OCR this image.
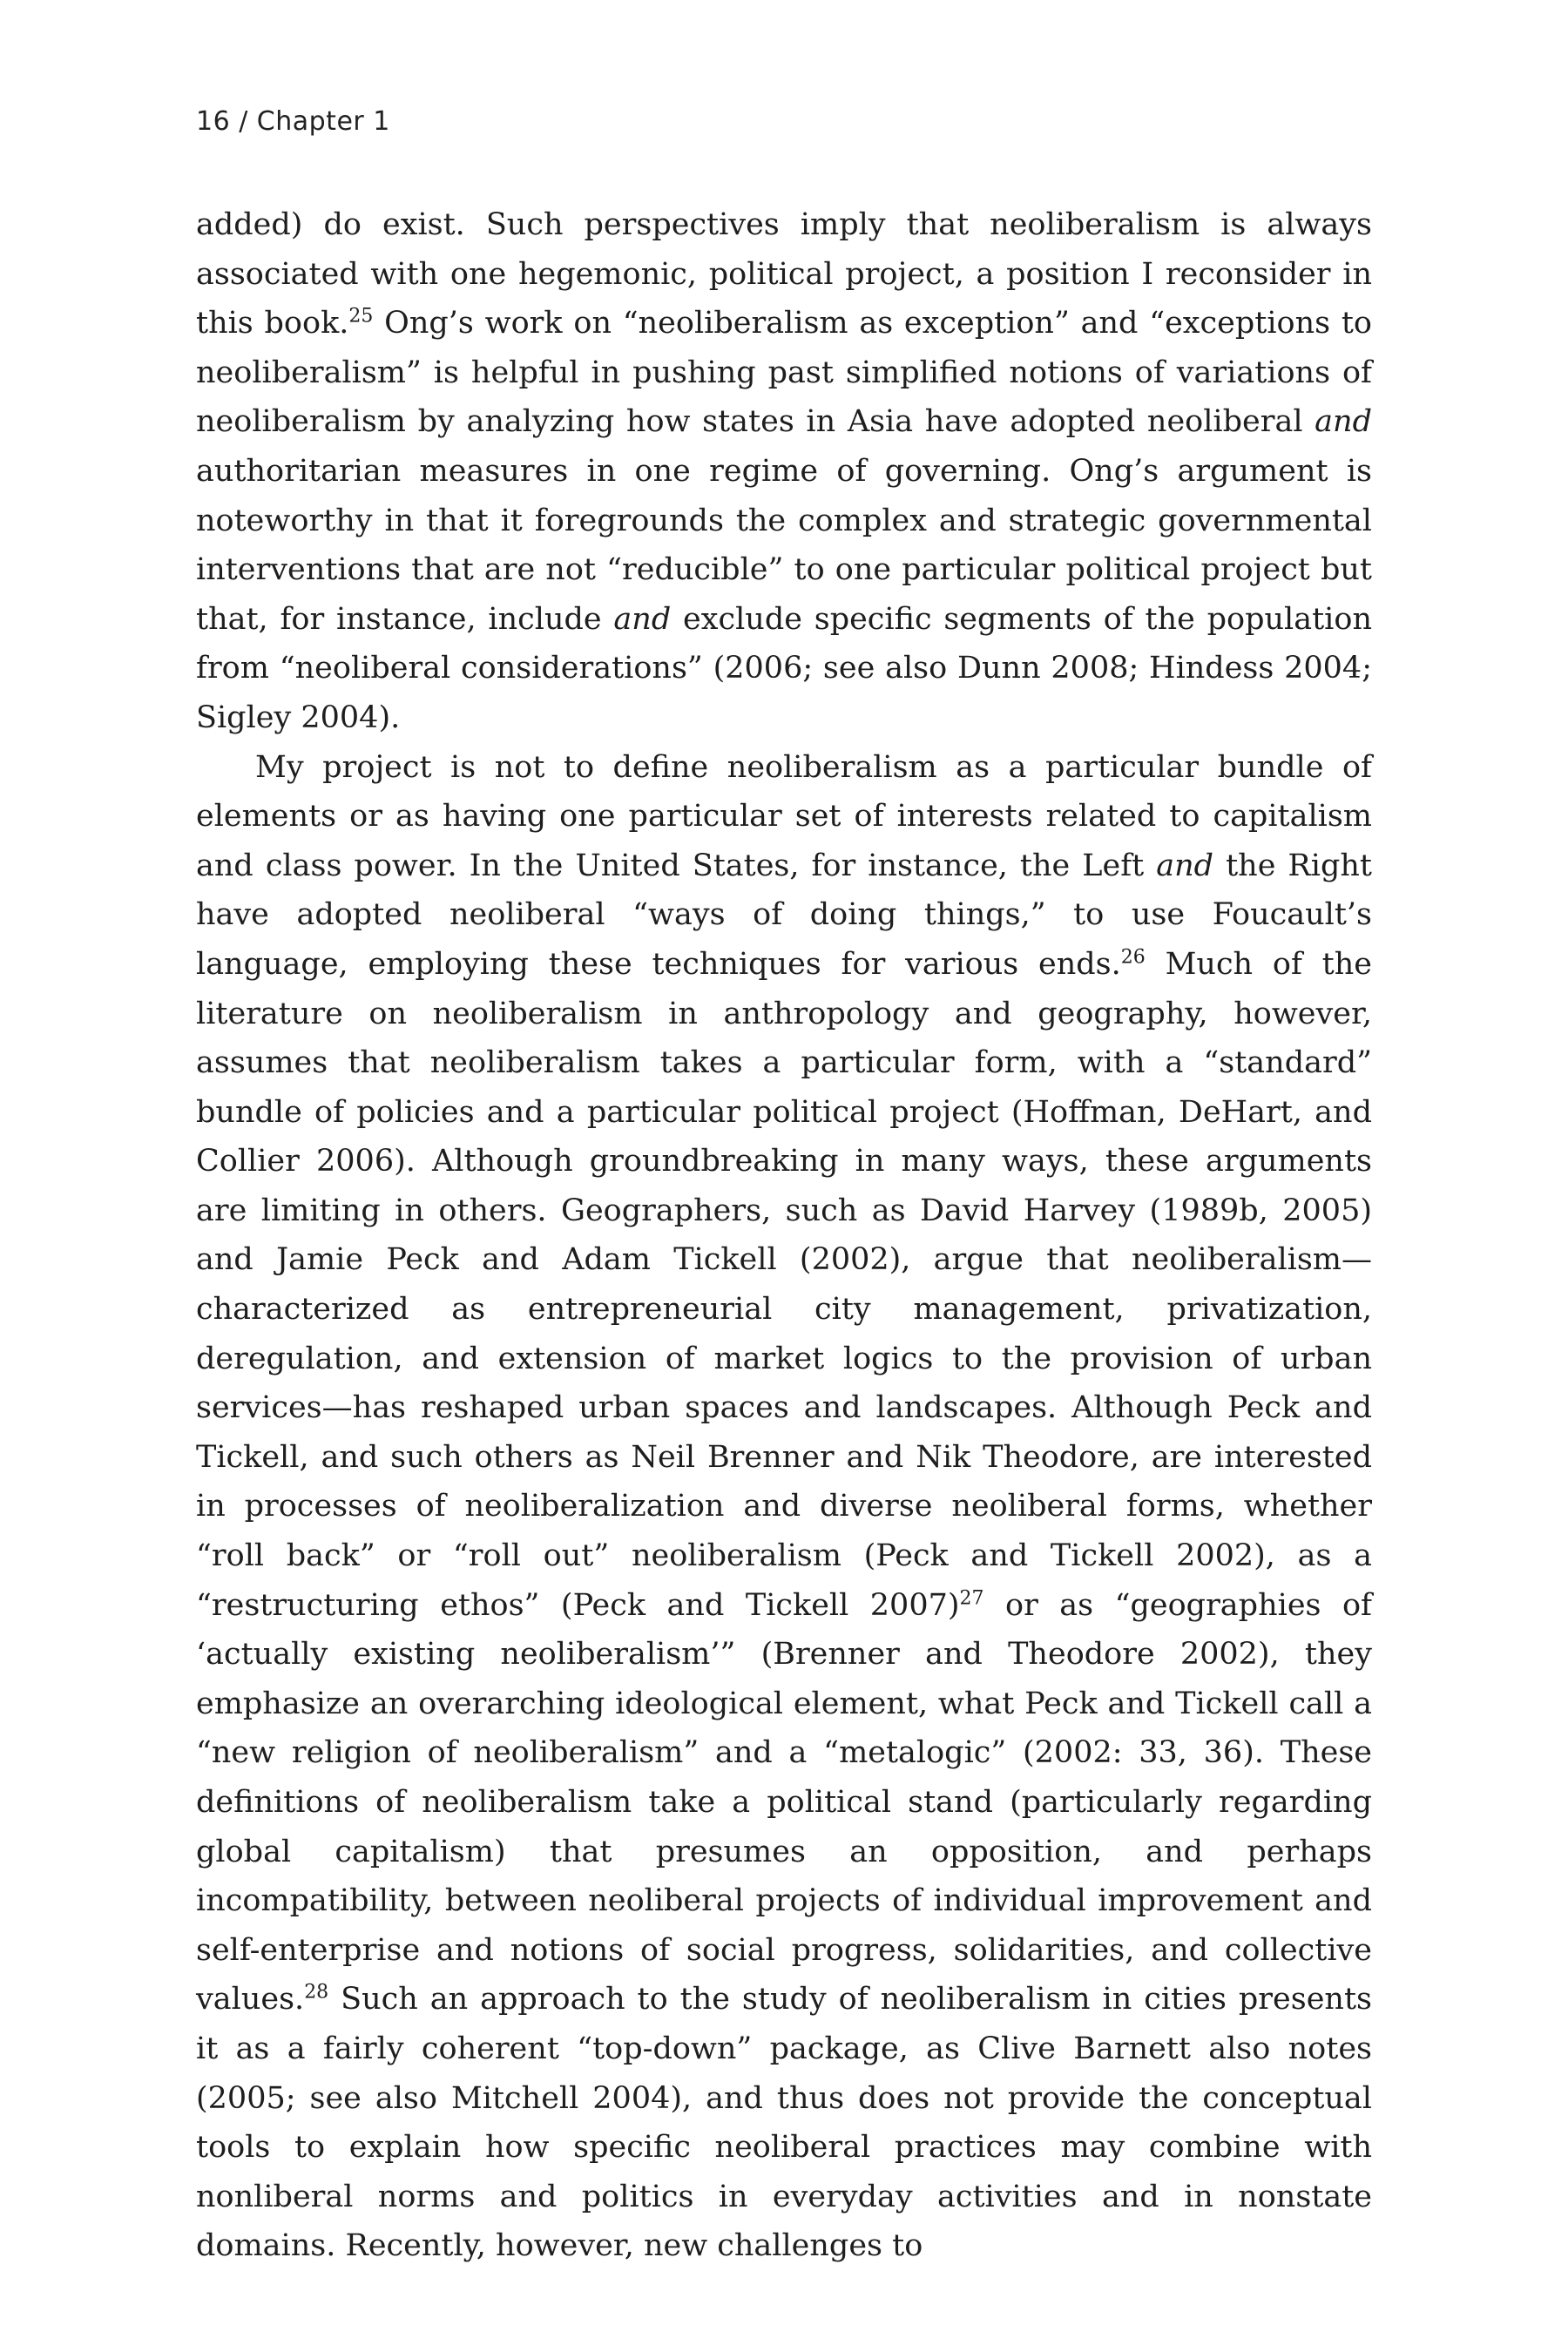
16 / Chapter 1

added) do exist. Such perspectives imply that neoliberalism is always associated with one hegemonic, political project, a position I reconsider in this book.$^{25}$ Ong’s work on “neoliberalism as exception” and “exceptions to neoliberalism” is helpful in pushing past simplified notions of variations of neoliberalism by analyzing how states in Asia have adopted neoliberal and authoritarian measures in one regime of governing. Ong’s argument is noteworthy in that it foregrounds the complex and strategic governmental interventions that are not “reducible” to one particular political project but that, for instance, include and exclude specific segments of the population from “neoliberal considerations” (2006; see also Dunn 2008; Hindess 2004; Sigley 2004).

My project is not to define neoliberalism as a particular bundle of elements or as having one particular set of interests related to capitalism and class power. In the United States, for instance, the Left and the Right have adopted neoliberal “ways of doing things,” to use Foucault’s language, employing these techniques for various ends.$^{26}$ Much of the literature on neoliberalism in anthropology and geography, however, assumes that neoliberalism takes a particular form, with a “standard” bundle of policies and a particular political project (Hoffman, DeHart, and Collier 2006). Although groundbreaking in many ways, these arguments are limiting in others. Geographers, such as David Harvey (1989b, 2005) and Jamie Peck and Adam Tickell (2002), argue that neoliberalism—characterized as entrepreneurial city management, privatization, deregulation, and extension of market logics to the provision of urban services—has reshaped urban spaces and landscapes. Although Peck and Tickell, and such others as Neil Brenner and Nik Theodore, are interested in processes of neoliberalization and diverse neoliberal forms, whether “roll back” or “roll out” neoliberalism (Peck and Tickell 2002), as a “restructuring ethos” (Peck and Tickell 2007)$^{27}$ or as “geographies of ‘actually existing neoliberalism’” (Brenner and Theodore 2002), they emphasize an overarching ideological element, what Peck and Tickell call a “new religion of neoliberalism” and a “metalogic” (2002: 33, 36). These definitions of neoliberalism take a political stand (particularly regarding global capitalism) that presumes an opposition, and perhaps incompatibility, between neoliberal projects of individual improvement and self-enterprise and notions of social progress, solidarities, and collective values.$^{28}$ Such an approach to the study of neoliberalism in cities presents it as a fairly coherent “top-down” package, as Clive Barnett also notes (2005; see also Mitchell 2004), and thus does not provide the conceptual tools to explain how specific neoliberal practices may combine with nonliberal norms and politics in everyday activities and in nonstate domains. Recently, however, new challenges to
